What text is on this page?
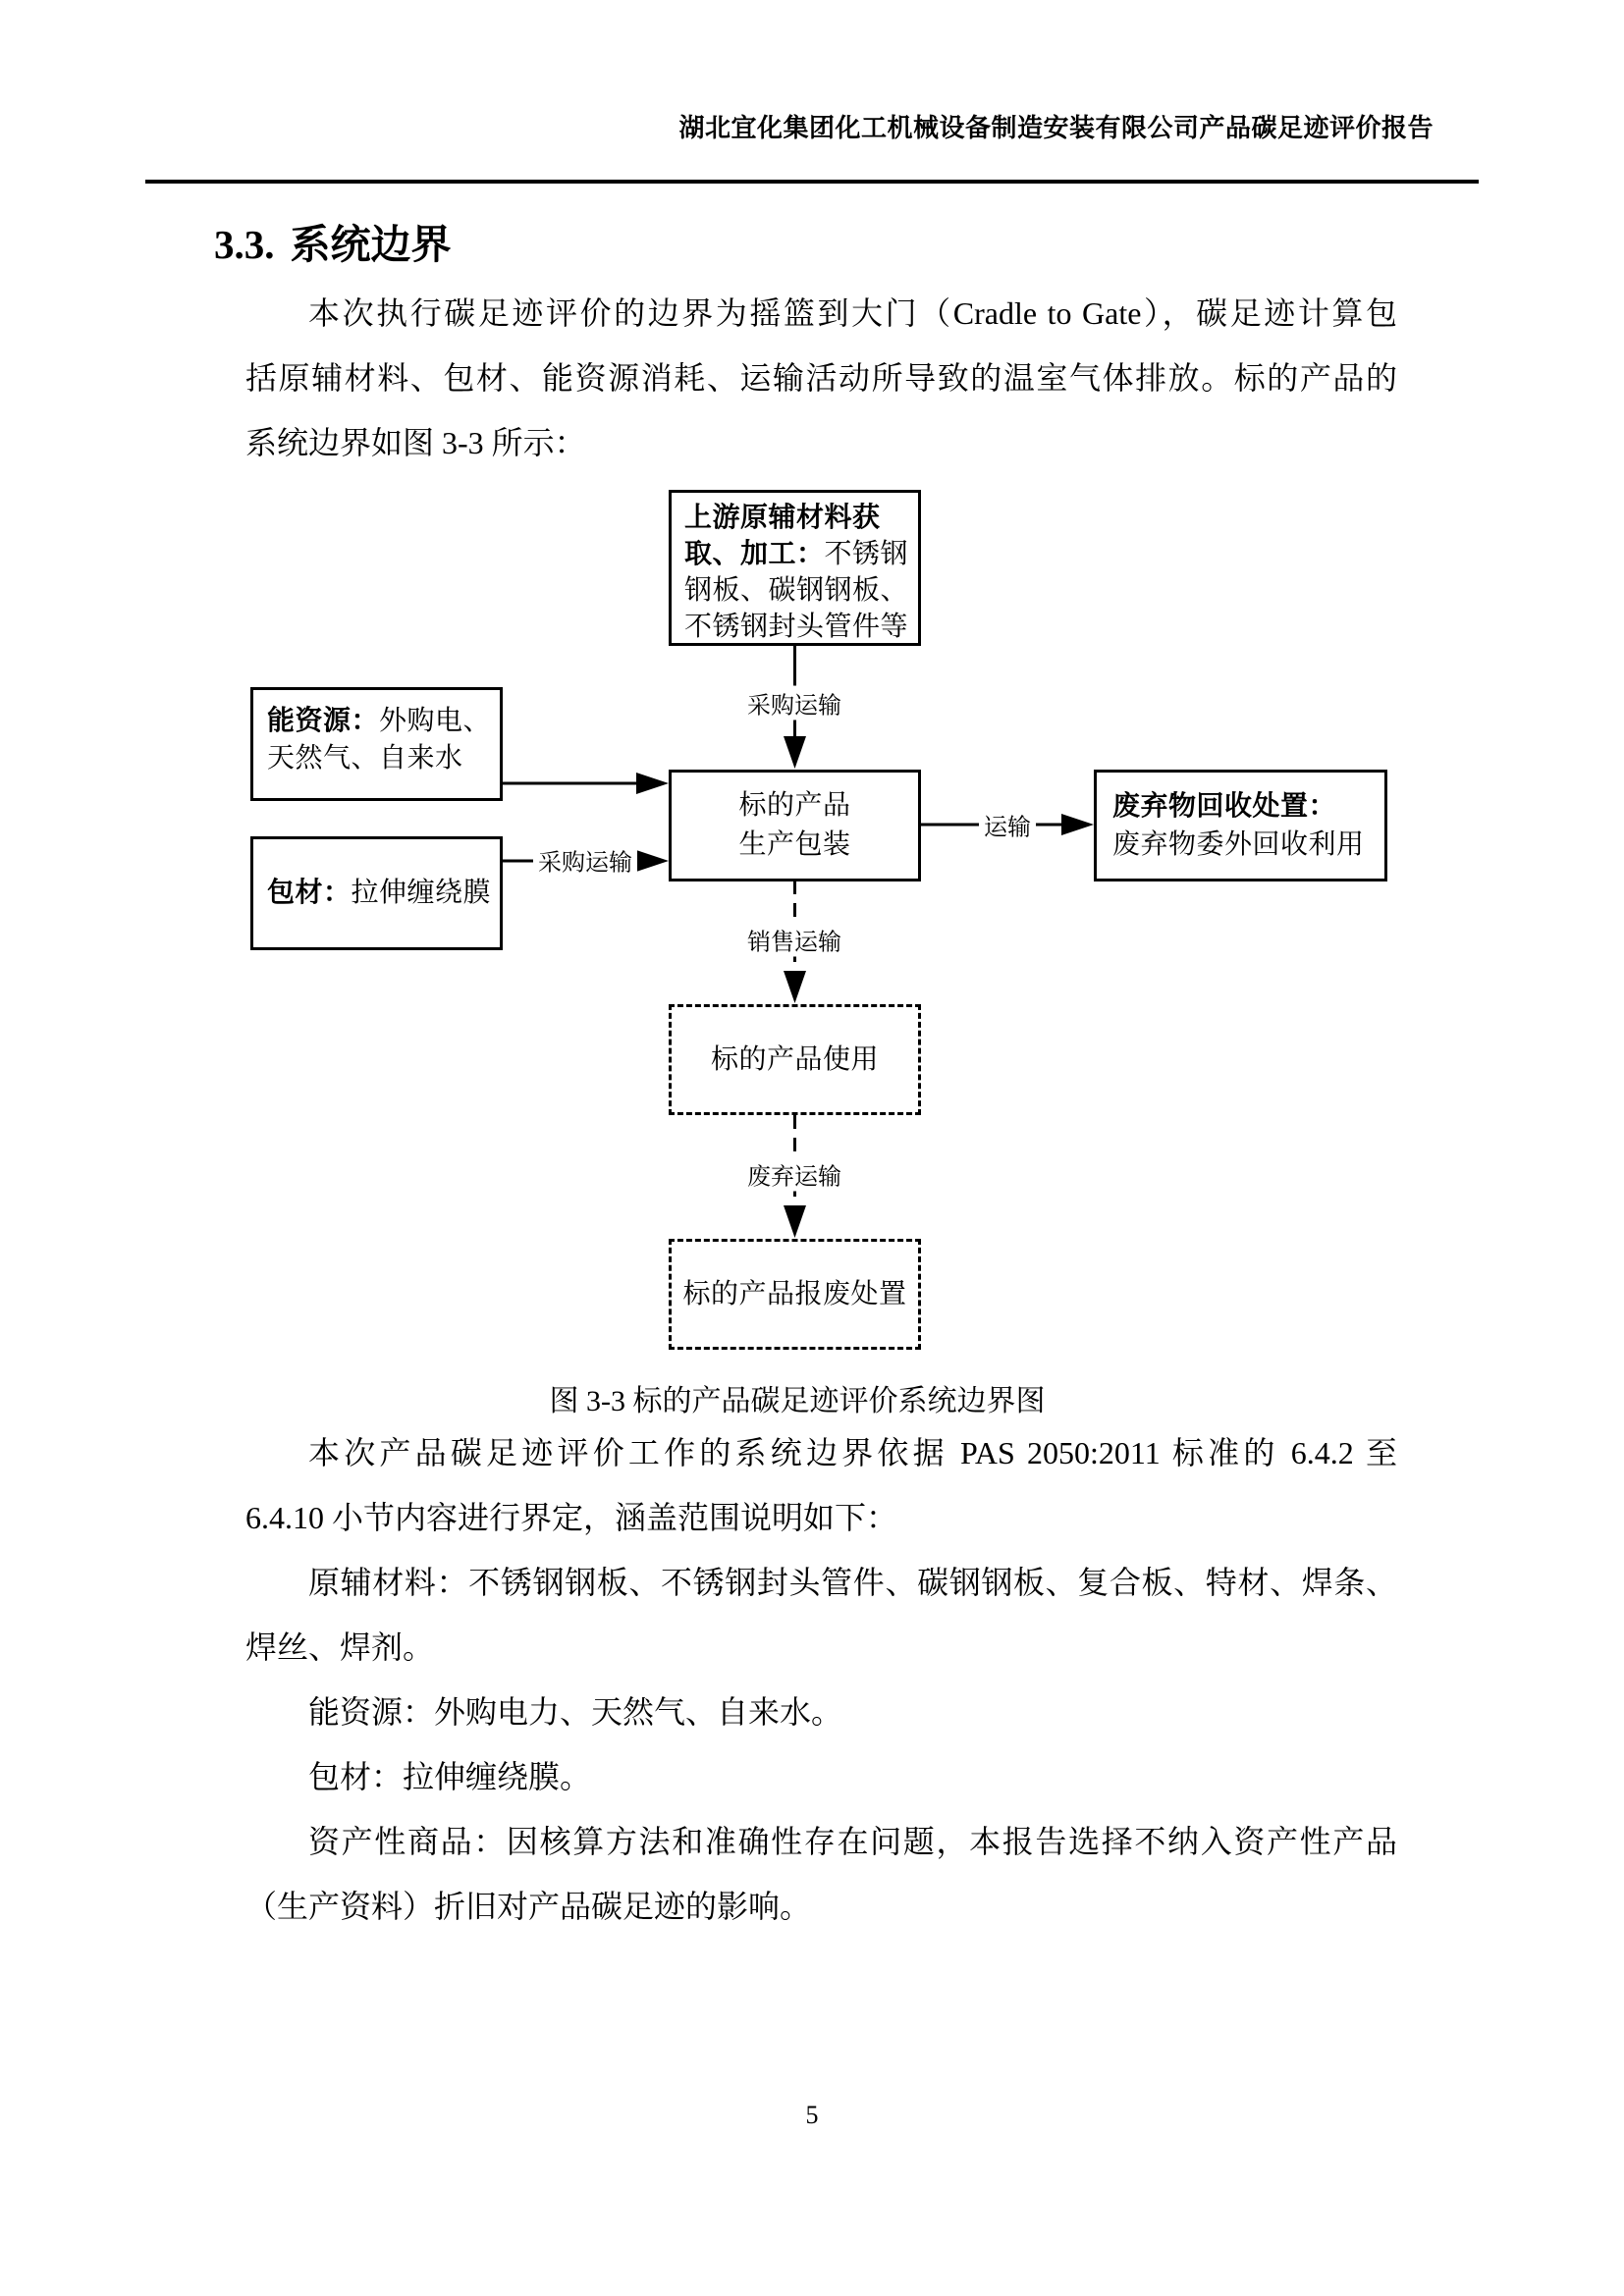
湖北宜化集团化工机械设备制造安装有限公司产品碳足迹评价报告
3.3. 系统边界
本次执行碳足迹评价的边界为摇篮到大门（Cradle to Gate），碳足迹计算包
括原辅材料、包材、能资源消耗、运输活动所导致的温室气体排放。标的产品的
系统边界如图 3-3 所示：
上游原辅材料获取、加工：不锈钢钢板、碳钢钢板、不锈钢封头管件等
能资源：外购电、天然气、自来水
包材：拉伸缠绕膜
标的产品
生产包装
废弃物回收处置：
废弃物委外回收利用
标的产品使用
标的产品报废处置
采购运输
采购运输
运输
销售运输
废弃运输
图 3-3 标的产品碳足迹评价系统边界图
本次产品碳足迹评价工作的系统边界依据 PAS 2050:2011 标准的 6.4.2 至
6.4.10 小节内容进行界定，涵盖范围说明如下：
原辅材料：不锈钢钢板、不锈钢封头管件、碳钢钢板、复合板、特材、焊条、
焊丝、焊剂。
能资源：外购电力、天然气、自来水。
包材：拉伸缠绕膜。
资产性商品：因核算方法和准确性存在问题，本报告选择不纳入资产性产品
（生产资料）折旧对产品碳足迹的影响。
5
